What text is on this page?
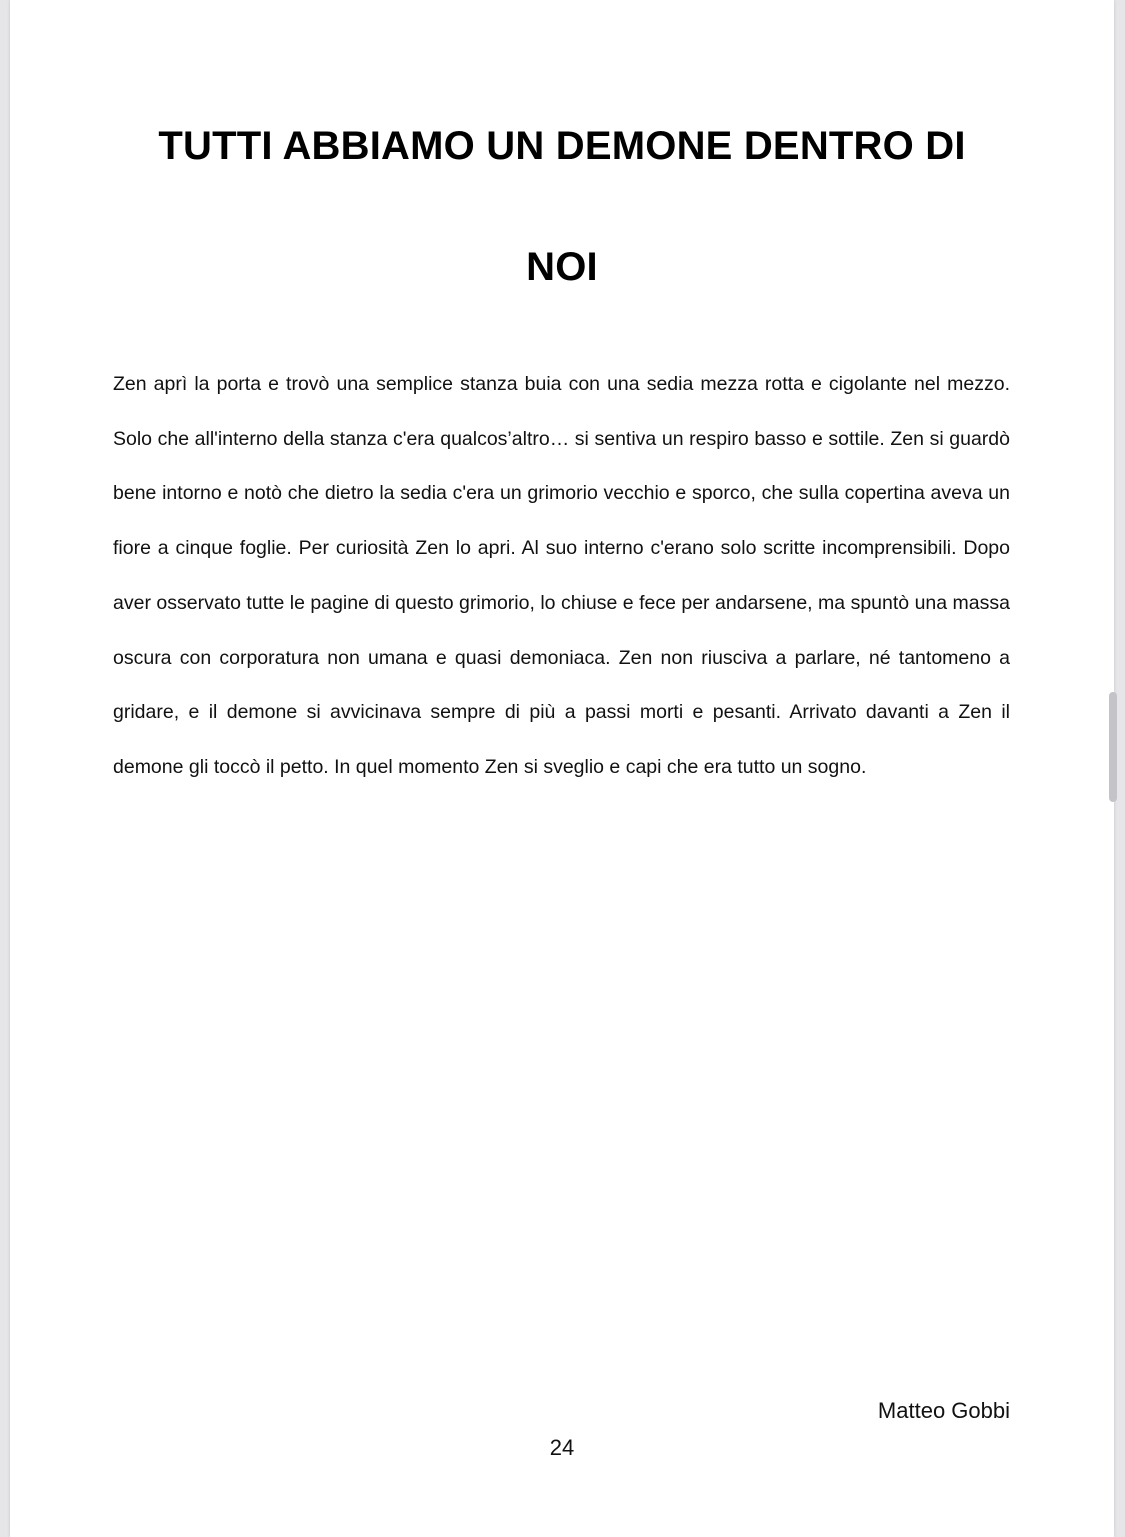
TUTTI ABBIAMO UN DEMONE DENTRO DI
NOI

Zen aprì la porta e trovò una semplice stanza buia con una sedia mezza rotta e cigolante nel mezzo. Solo che all'interno della stanza c'era qualcos’altro… si sentiva un respiro basso e sottile. Zen si guardò bene intorno e notò che dietro la sedia c'era un grimorio vecchio e sporco, che sulla copertina aveva un fiore a cinque foglie. Per curiosità Zen lo apri. Al suo interno c'erano solo scritte incomprensibili. Dopo aver osservato tutte le pagine di questo grimorio, lo chiuse e fece per andarsene, ma spuntò una massa oscura con corporatura non umana e quasi demoniaca. Zen non riusciva a parlare, né tantomeno a gridare, e il demone si avvicinava sempre di più a passi morti e pesanti. Arrivato davanti a Zen il demone gli toccò il petto. In quel momento Zen si sveglio e capi che era tutto un sogno.

Matteo Gobbi
24
